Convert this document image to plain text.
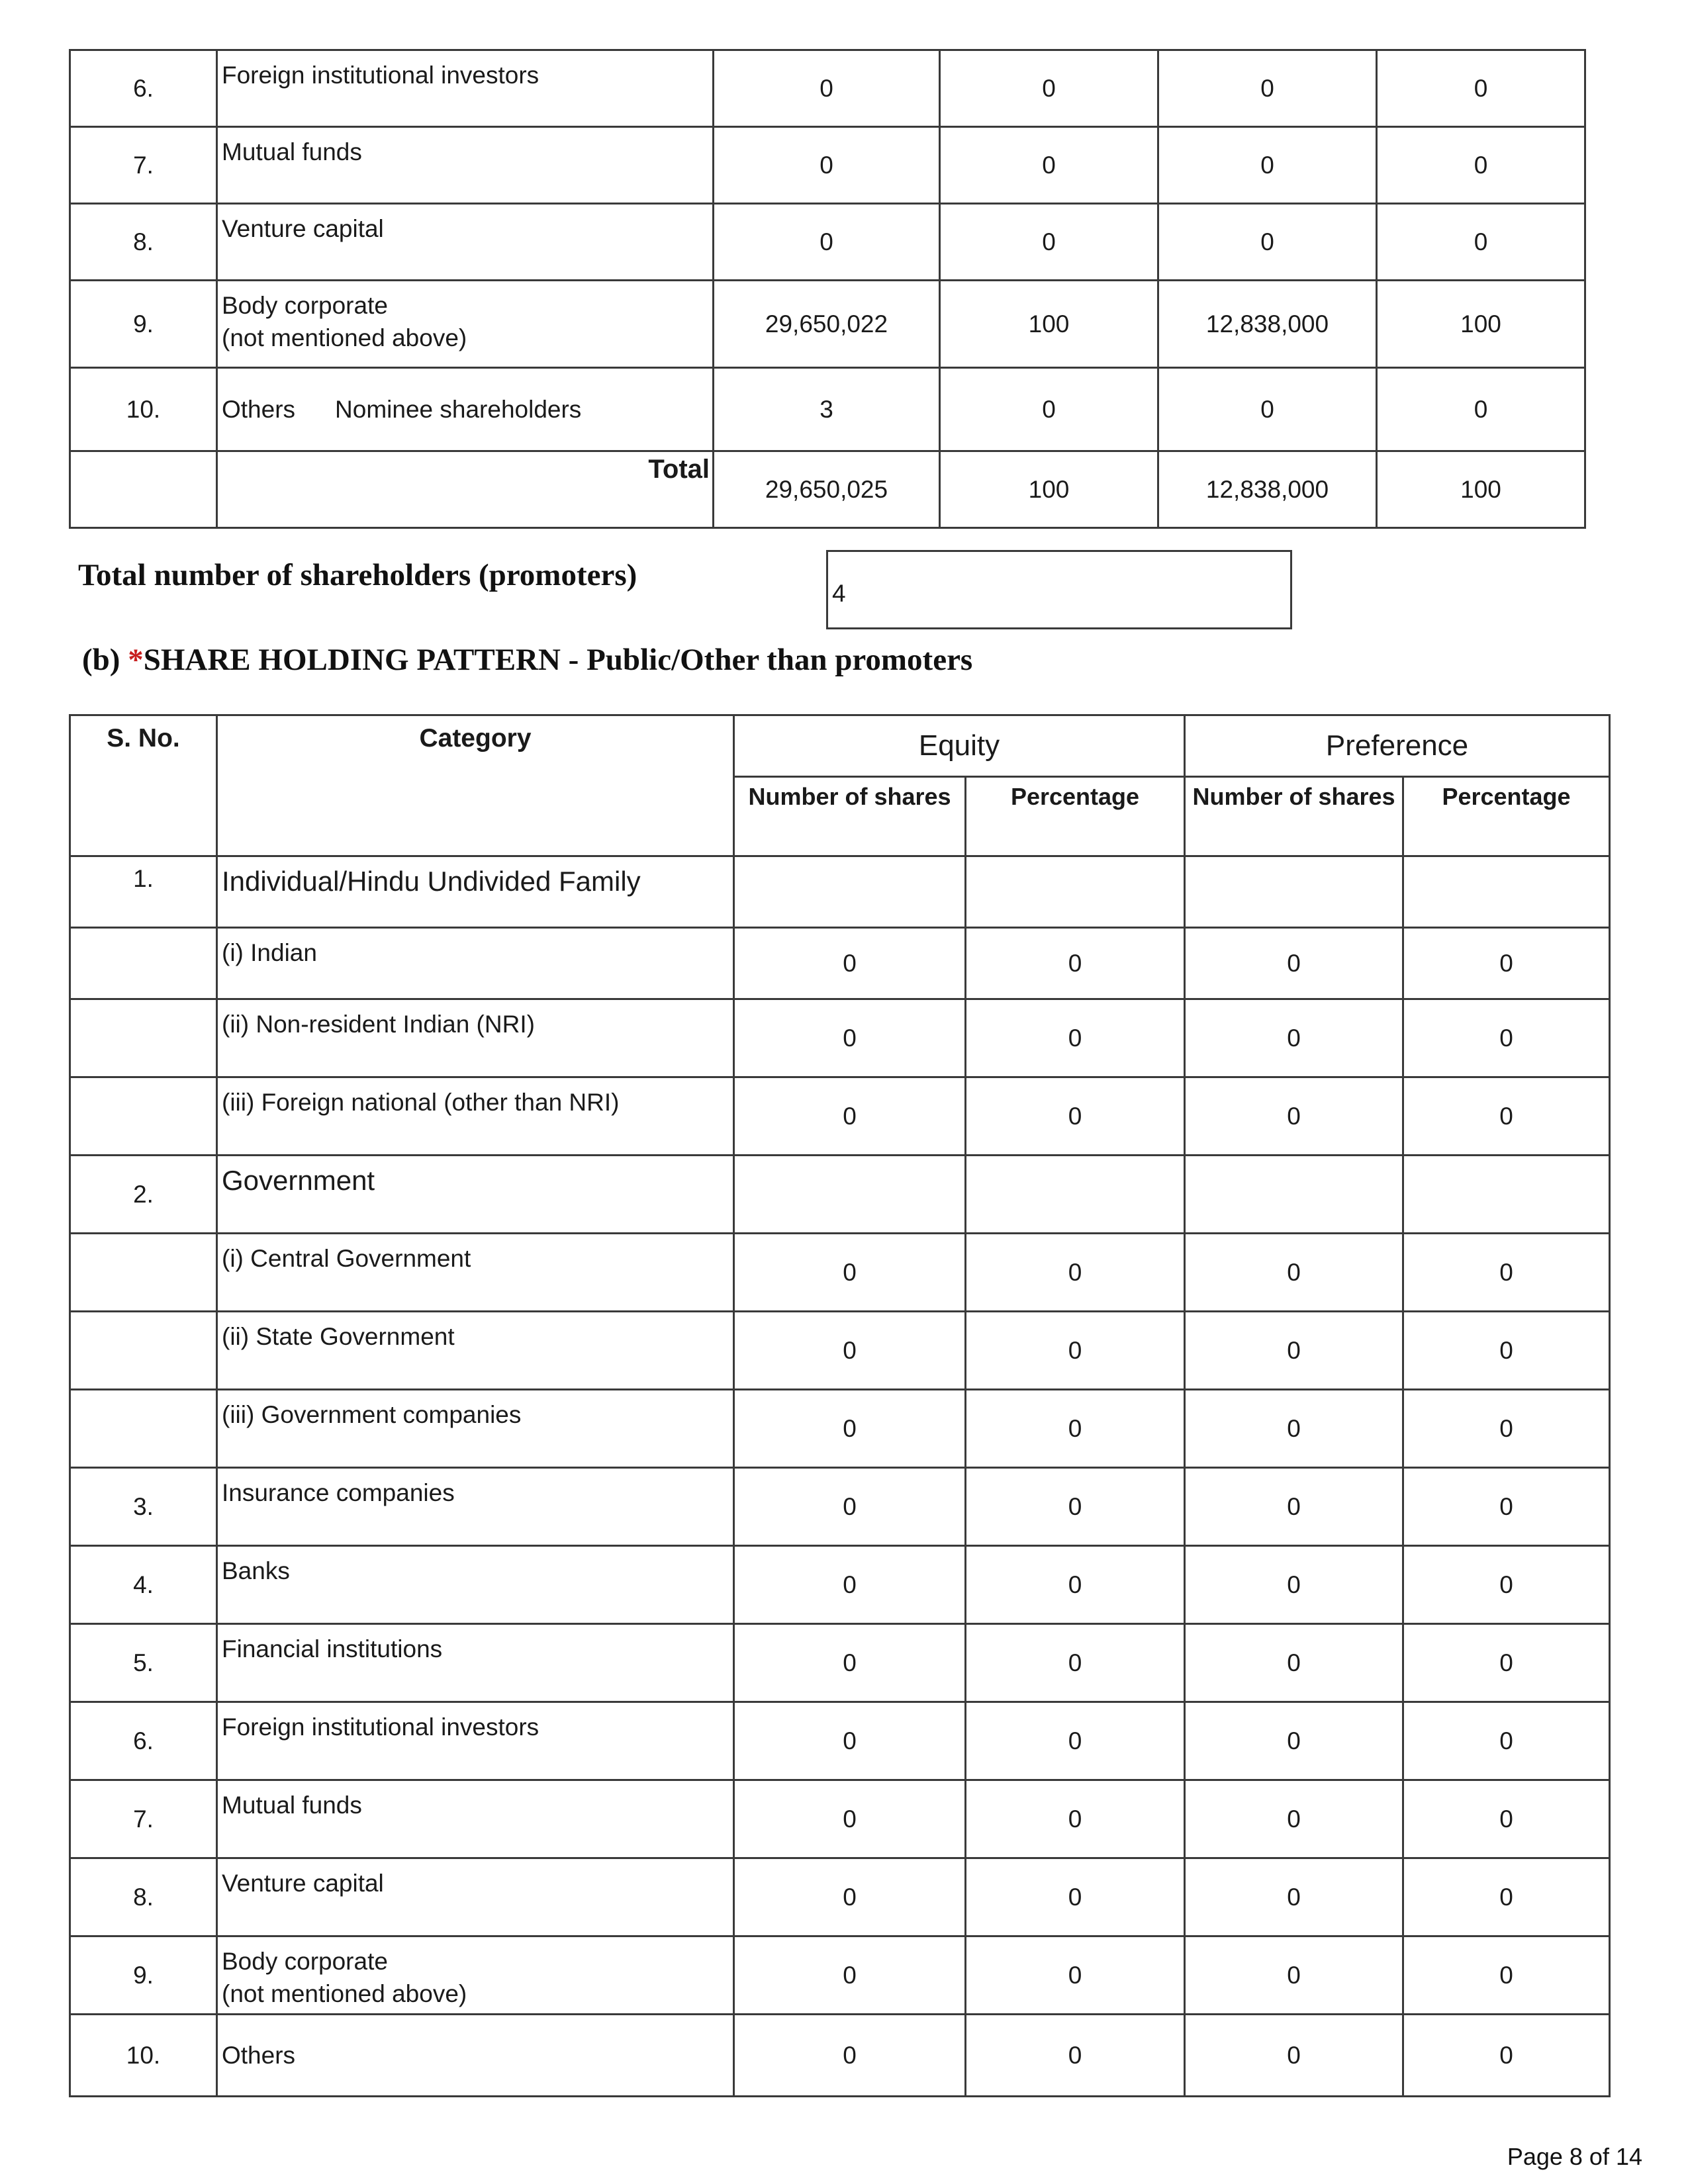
6.	Foreign institutional investors	0	0	0	0
7.	Mutual funds	0	0	0	0
8.	Venture capital	0	0	0	0
9.	Body corporate
(not mentioned above)	29,650,022	100	12,838,000	100
10.	Others Nominee shareholders	3	0	0	0
	Total	29,650,025	100	12,838,000	100
Total number of shareholders (promoters)
4
(b) *SHARE HOLDING PATTERN - Public/Other than promoters
S. No.	Category	Equity		Preference	
		Number of shares	Percentage	Number of shares	Percentage
1.	Individual/Hindu Undivided Family				
	(i) Indian	0	0	0	0
	(ii) Non-resident Indian (NRI)	0	0	0	0
	(iii) Foreign national (other than NRI)	0	0	0	0
2.	Government				
	(i) Central Government	0	0	0	0
	(ii) State Government	0	0	0	0
	(iii) Government companies	0	0	0	0
3.	Insurance companies	0	0	0	0
4.	Banks	0	0	0	0
5.	Financial institutions	0	0	0	0
6.	Foreign institutional investors	0	0	0	0
7.	Mutual funds	0	0	0	0
8.	Venture capital	0	0	0	0
9.	Body corporate
(not mentioned above)	0	0	0	0
10.	Others	0	0	0	0
Page 8 of 14
